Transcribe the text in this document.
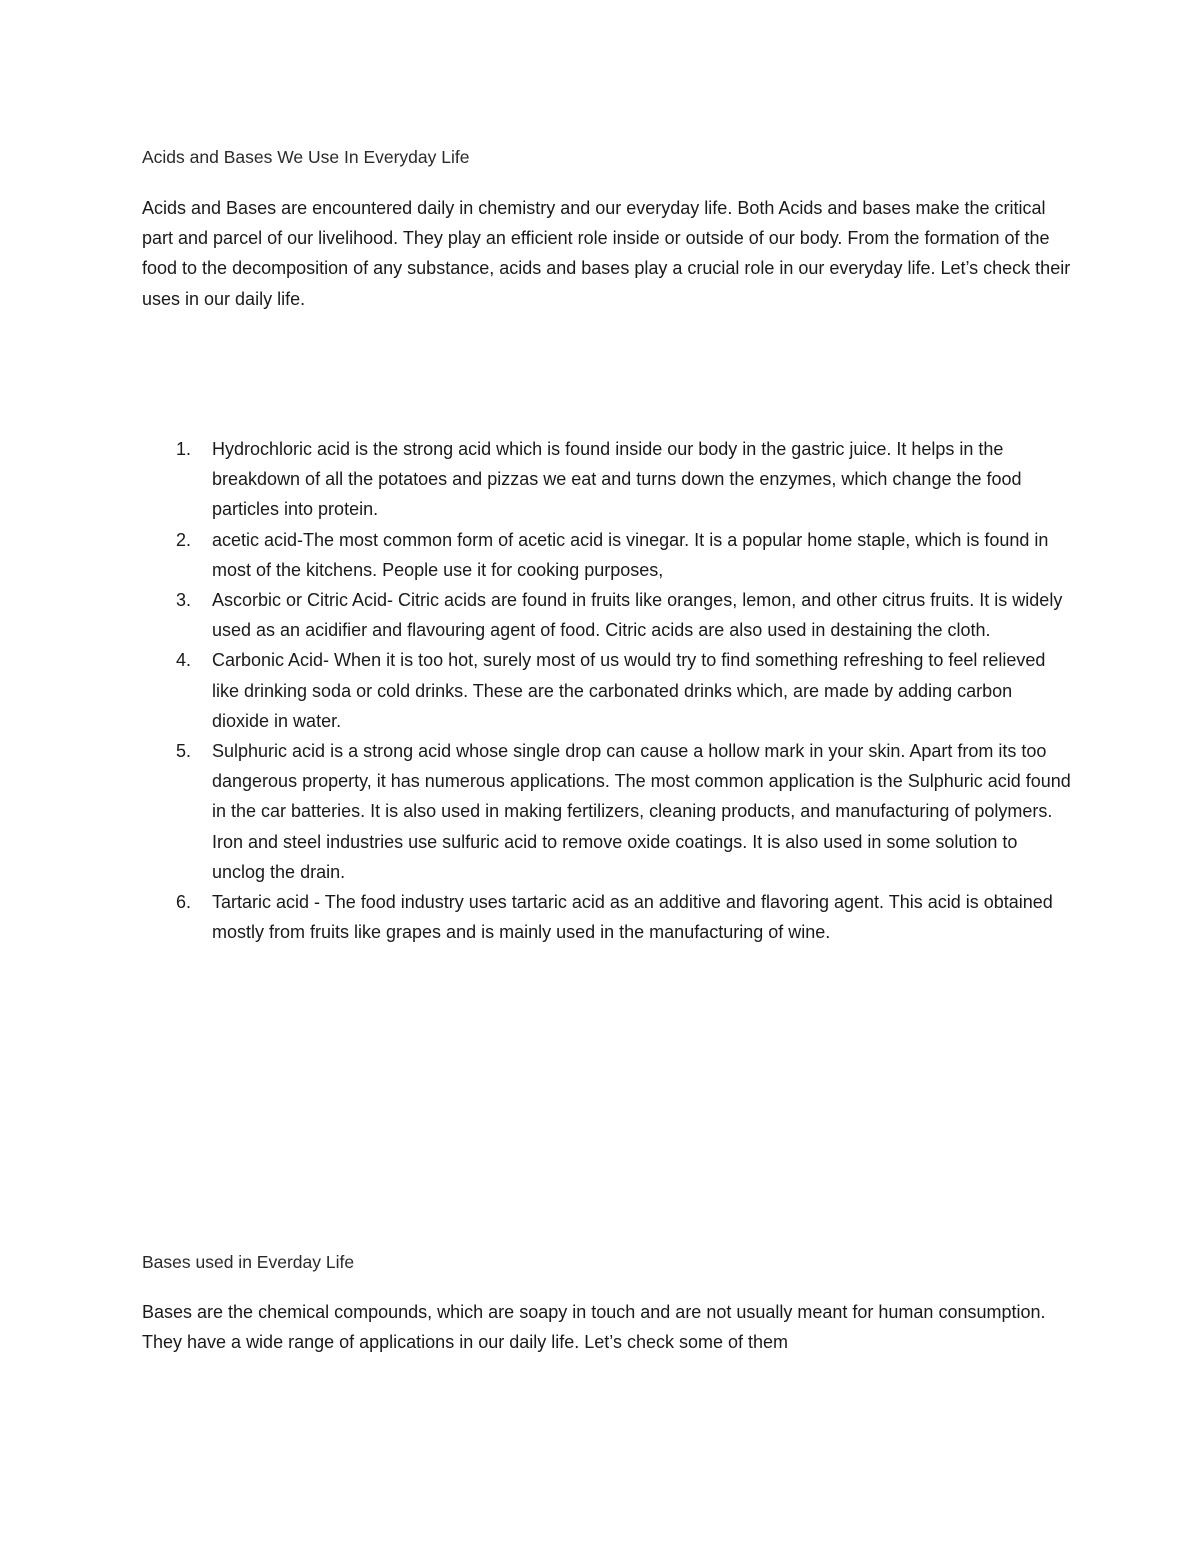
Acids and Bases We Use In Everyday Life

Acids and Bases are encountered daily in chemistry and our everyday life. Both Acids and bases make the critical part and parcel of our livelihood. They play an efficient role inside or outside of our body. From the formation of the food to the decomposition of any substance, acids and bases play a crucial role in our everyday life. Let’s check their uses in our daily life.

1. Hydrochloric acid is the strong acid which is found inside our body in the gastric juice. It helps in the breakdown of all the potatoes and pizzas we eat and turns down the enzymes, which change the food particles into protein.
2. acetic acid-The most common form of acetic acid is vinegar. It is a popular home staple, which is found in most of the kitchens. People use it for cooking purposes,
3. Ascorbic or Citric Acid- Citric acids are found in fruits like oranges, lemon, and other citrus fruits. It is widely used as an acidifier and flavouring agent of food. Citric acids are also used in destaining the cloth.
4. Carbonic Acid- When it is too hot, surely most of us would try to find something refreshing to feel relieved like drinking soda or cold drinks. These are the carbonated drinks which, are made by adding carbon dioxide in water.
5. Sulphuric acid is a strong acid whose single drop can cause a hollow mark in your skin. Apart from its too dangerous property, it has numerous applications. The most common application is the Sulphuric acid found in the car batteries. It is also used in making fertilizers, cleaning products, and manufacturing of polymers. Iron and steel industries use sulfuric acid to remove oxide coatings. It is also used in some solution to unclog the drain.
6. Tartaric acid - The food industry uses tartaric acid as an additive and flavoring agent. This acid is obtained mostly from fruits like grapes and is mainly used in the manufacturing of wine.
Bases used in Everday Life

Bases are the chemical compounds, which are soapy in touch and are not usually meant for human consumption. They have a wide range of applications in our daily life. Let’s check some of them
